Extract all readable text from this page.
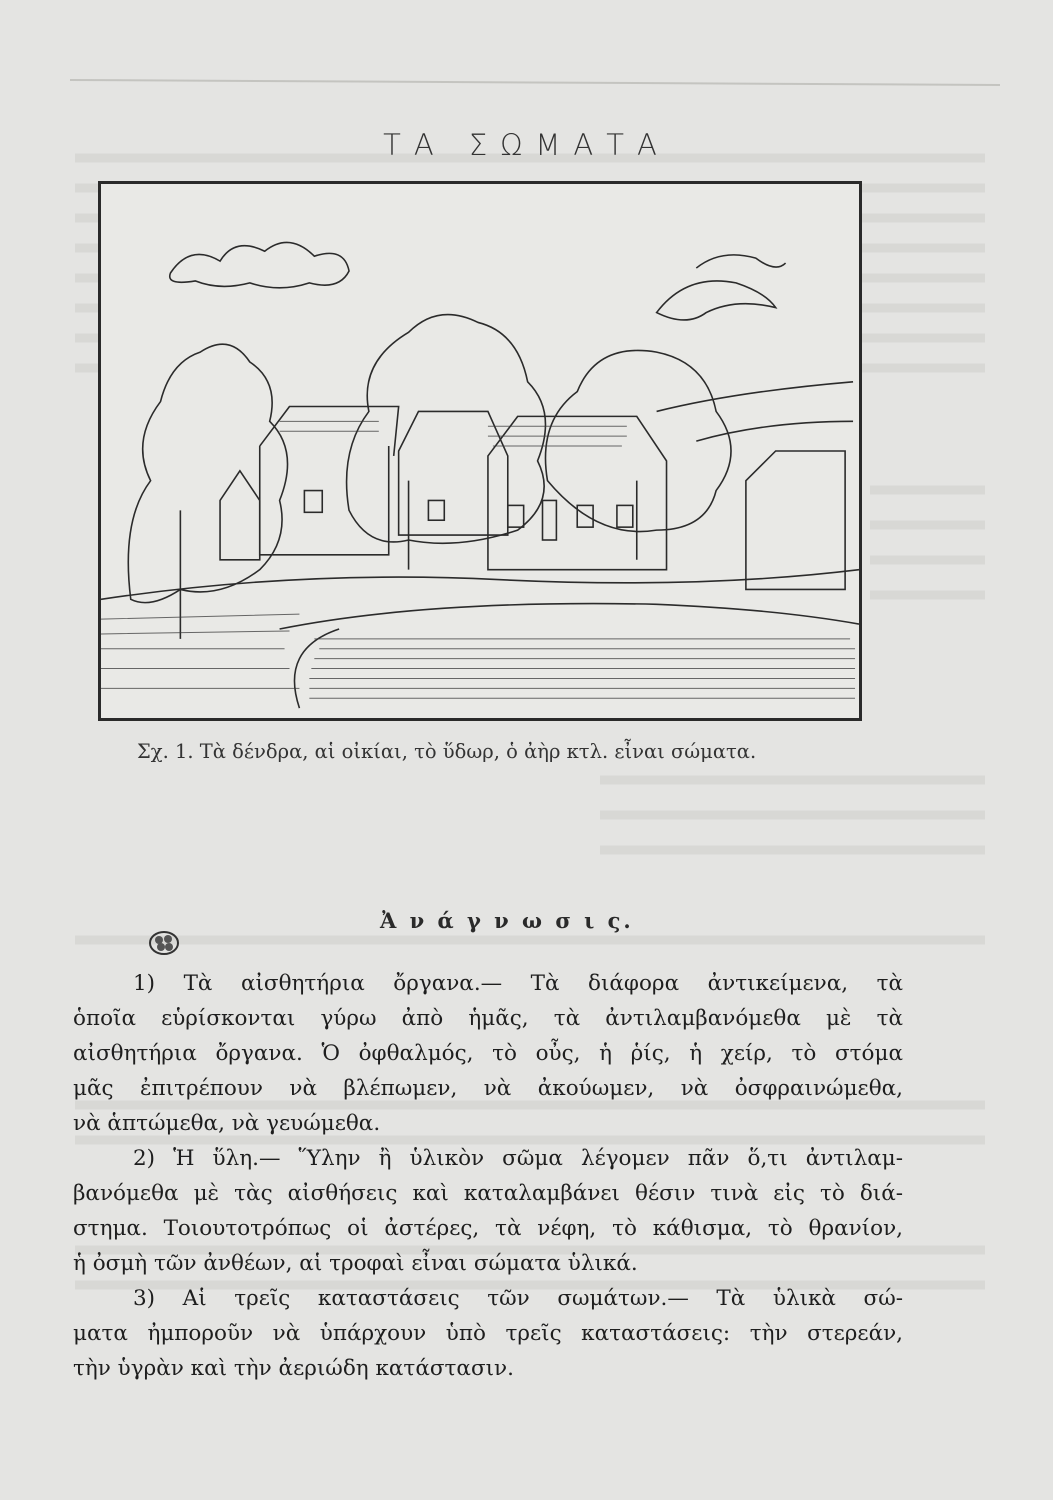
ΤΑ ΣΩΜΑΤΑ
Σχ. 1. Τὰ δένδρα, αἱ οἰκίαι, τὸ ὕδωρ, ὁ ἀὴρ κτλ. εἶναι σώματα.
Ἀ ν ά γ ν ω σ ι ς.
1) Τὰ αἰσθητήρια ὄργανα.— Τὰ διάφορα ἀντικείμενα, τὰ
ὁποῖα εὑρίσκονται γύρω ἀπὸ ἡμᾶς, τὰ ἀντιλαμβανόμεθα μὲ τὰ
αἰσθητήρια ὄργανα. Ὁ ὀφθαλμός, τὸ οὖς, ἡ ῥίς, ἡ χείρ, τὸ στόμα
μᾶς ἐπιτρέπουν νὰ βλέπωμεν, νὰ ἀκούωμεν, νὰ ὀσφραινώμεθα,
νὰ ἁπτώμεθα, νὰ γευώμεθα.
2) Ἡ ὕλη.— Ὕλην ἢ ὑλικὸν σῶμα λέγομεν πᾶν ὅ,τι ἀντιλαμ-
βανόμεθα μὲ τὰς αἰσθήσεις καὶ καταλαμβάνει θέσιν τινὰ εἰς τὸ διά-
στημα. Τοιουτοτρόπως οἱ ἀστέρες, τὰ νέφη, τὸ κάθισμα, τὸ θρανίον,
ἡ ὀσμὴ τῶν ἀνθέων, αἱ τροφαὶ εἶναι σώματα ὑλικά.
3) Αἱ τρεῖς καταστάσεις τῶν σωμάτων.— Τὰ ὑλικὰ σώ-
ματα ἠμποροῦν νὰ ὑπάρχουν ὑπὸ τρεῖς καταστάσεις: τὴν στερεάν,
τὴν ὑγρὰν καὶ τὴν ἀεριώδη κατάστασιν.
